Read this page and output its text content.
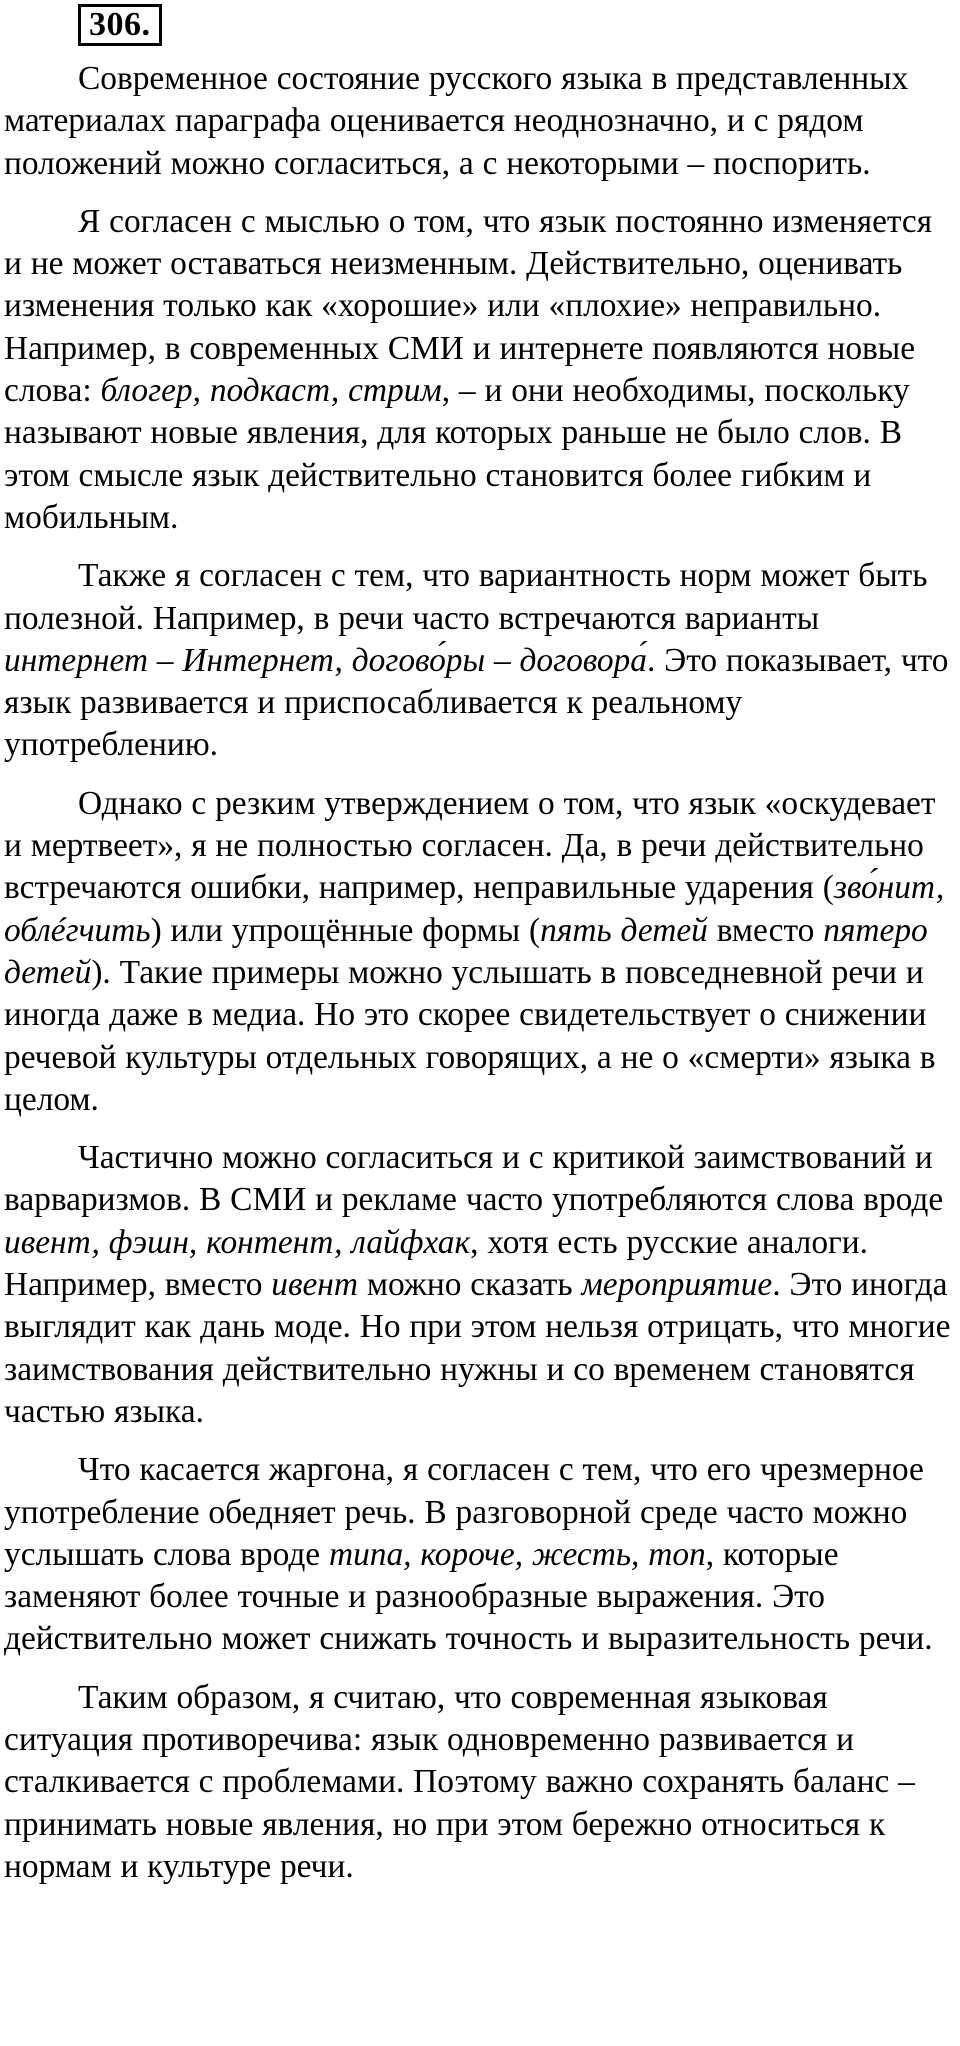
306.

Современное состояние русского языка в представленных материалах параграфа оценивается неоднозначно, и с рядом положений можно согласиться, а с некоторыми – поспорить.

Я согласен с мыслью о том, что язык постоянно изменяется и не может оставаться неизменным. Действительно, оценивать изменения только как «хорошие» или «плохие» неправильно. Например, в современных СМИ и интернете появляются новые слова: блогер, подкаст, стрим, – и они необходимы, поскольку называют новые явления, для которых раньше не было слов. В этом смысле язык действительно становится более гибким и мобильным.

Также я согласен с тем, что вариантность норм может быть полезной. Например, в речи часто встречаются варианты интернет – Интернет, догово́ры – договора́. Это показывает, что язык развивается и приспосабливается к реальному употреблению.

Однако с резким утверждением о том, что язык «оскудевает и мертвеет», я не полностью согласен. Да, в речи действительно встречаются ошибки, например, неправильные ударения (зво́нит, облéгчить) или упрощённые формы (пять детей вместо пятеро детей). Такие примеры можно услышать в повседневной речи и иногда даже в медиа. Но это скорее свидетельствует о снижении речевой культуры отдельных говорящих, а не о «смерти» языка в целом.

Частично можно согласиться и с критикой заимствований и варваризмов. В СМИ и рекламе часто употребляются слова вроде ивент, фэшн, контент, лайфхак, хотя есть русские аналоги. Например, вместо ивент можно сказать мероприятие. Это иногда выглядит как дань моде. Но при этом нельзя отрицать, что многие заимствования действительно нужны и со временем становятся частью языка.

Что касается жаргона, я согласен с тем, что его чрезмерное употребление обедняет речь. В разговорной среде часто можно услышать слова вроде типа, короче, жесть, топ, которые заменяют более точные и разнообразные выражения. Это действительно может снижать точность и выразительность речи.

Таким образом, я считаю, что современная языковая ситуация противоречива: язык одновременно развивается и сталкивается с проблемами. Поэтому важно сохранять баланс – принимать новые явления, но при этом бережно относиться к нормам и культуре речи.
